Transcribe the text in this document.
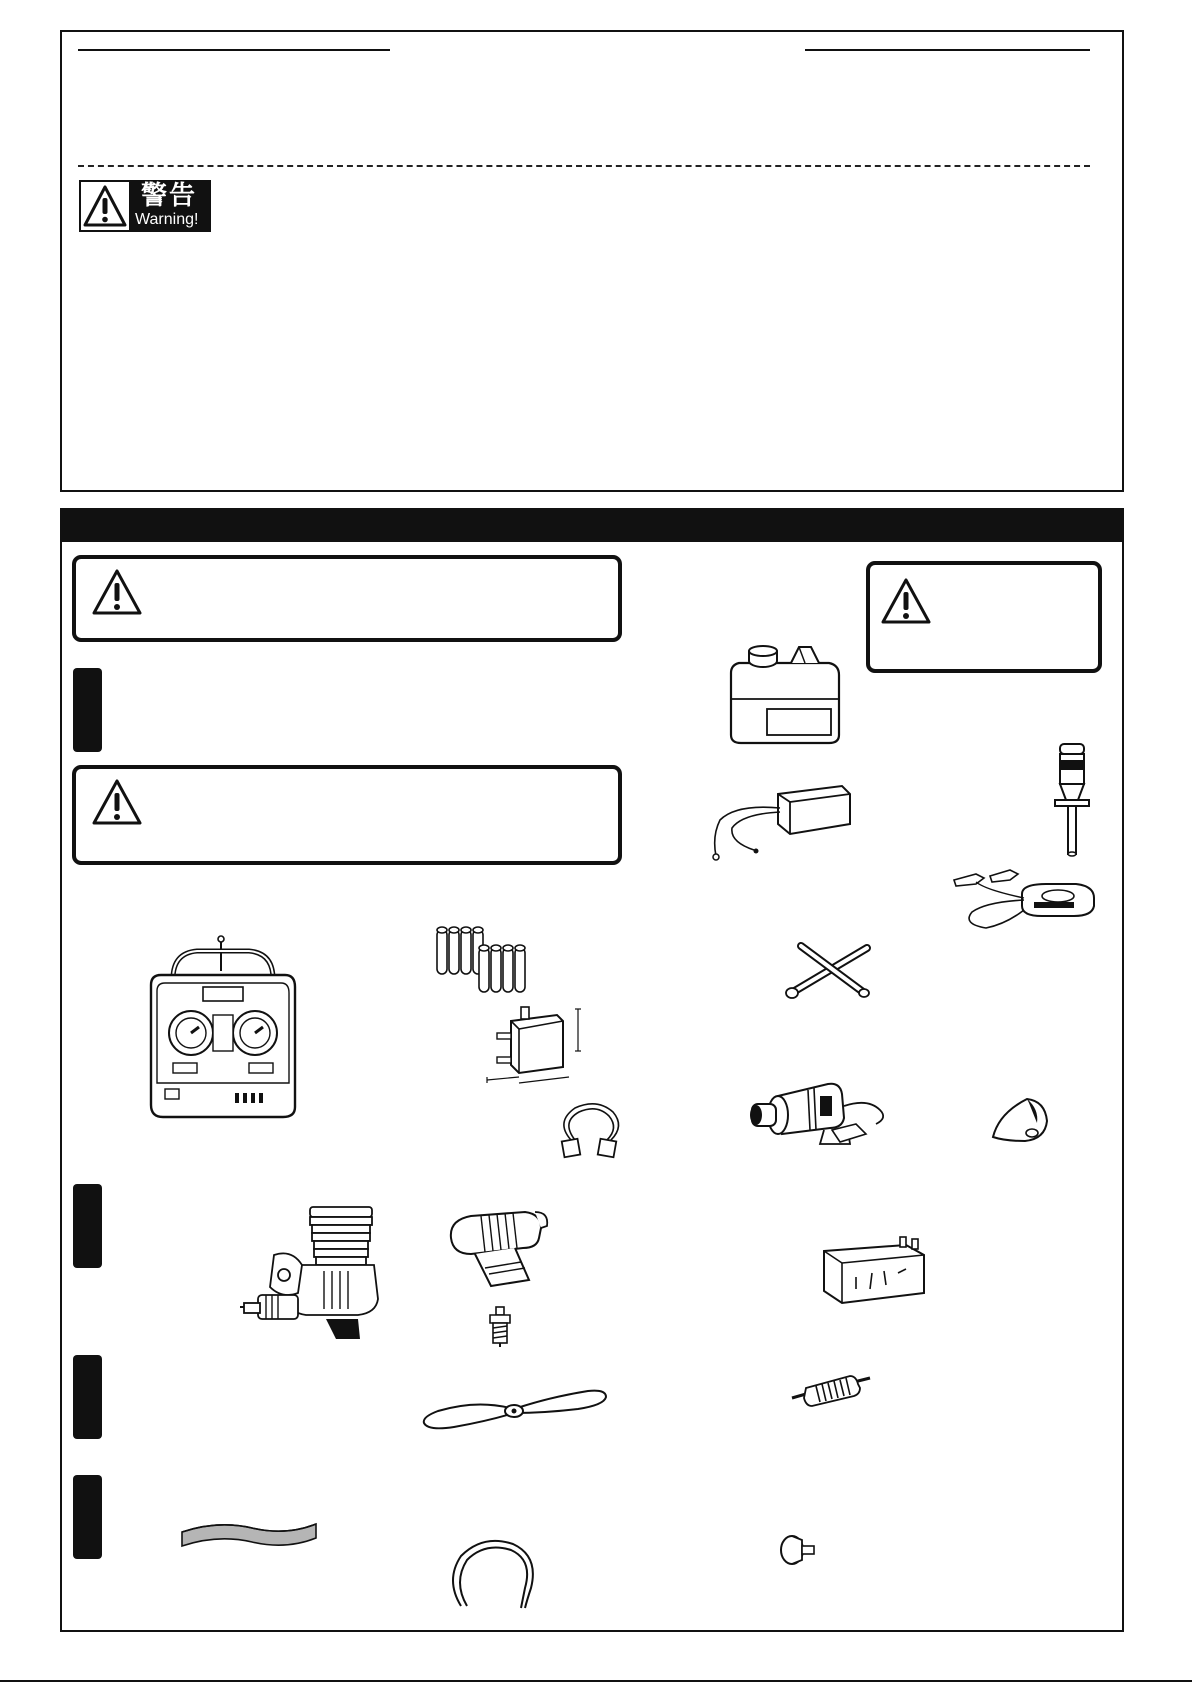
警告
Warning!
